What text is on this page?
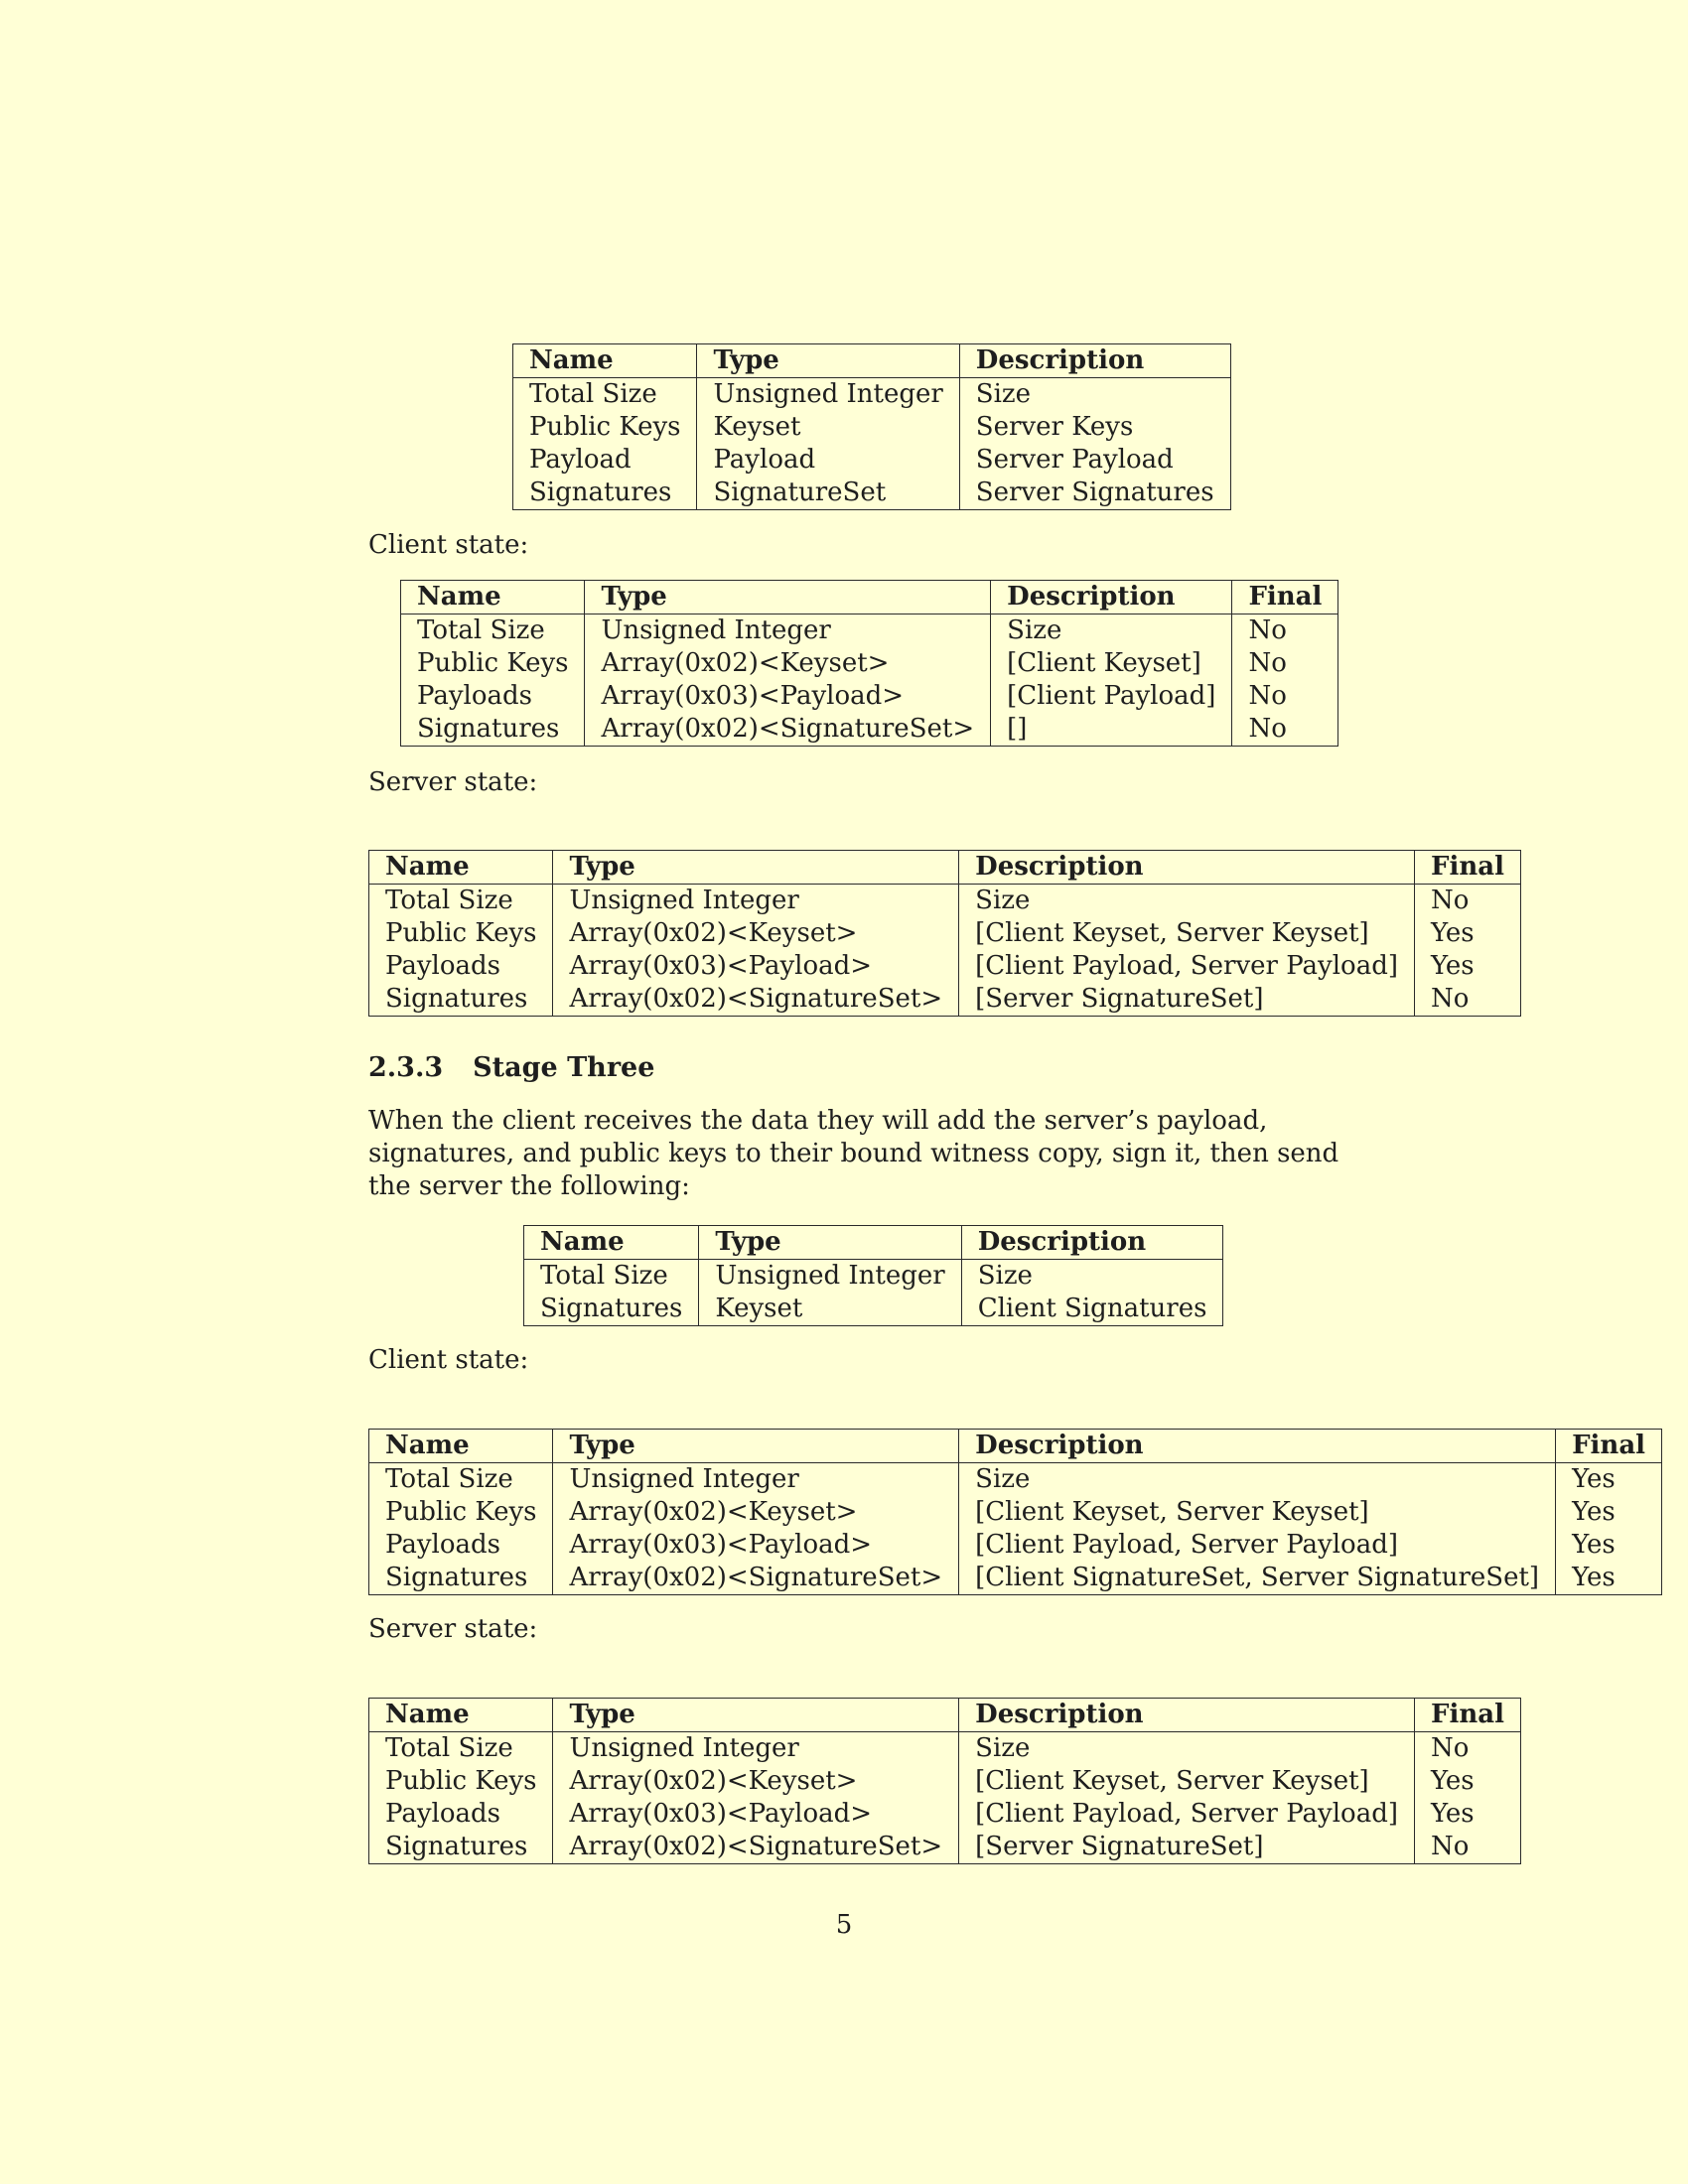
Name	Type	Description
Total Size	Unsigned Integer	Size
Public Keys	Keyset	Server Keys
Payload	Payload	Server Payload
Signatures	SignatureSet	Server Signatures
Client state:
Name	Type	Description	Final
Total Size	Unsigned Integer	Size	No
Public Keys	Array(0x02)<Keyset>	[Client Keyset]	No
Payloads	Array(0x03)<Payload>	[Client Payload]	No
Signatures	Array(0x02)<SignatureSet>	[]	No
Server state:
Name	Type	Description	Final
Total Size	Unsigned Integer	Size	No
Public Keys	Array(0x02)<Keyset>	[Client Keyset, Server Keyset]	Yes
Payloads	Array(0x03)<Payload>	[Client Payload, Server Payload]	Yes
Signatures	Array(0x02)<SignatureSet>	[Server SignatureSet]	No
2.3.3 Stage Three
When the client receives the data they will add the server’s payload, signatures, and public keys to their bound witness copy, sign it, then send the server the following:
Name	Type	Description
Total Size	Unsigned Integer	Size
Signatures	Keyset	Client Signatures
Client state:
Name	Type	Description	Final
Total Size	Unsigned Integer	Size	Yes
Public Keys	Array(0x02)<Keyset>	[Client Keyset, Server Keyset]	Yes
Payloads	Array(0x03)<Payload>	[Client Payload, Server Payload]	Yes
Signatures	Array(0x02)<SignatureSet>	[Client SignatureSet, Server SignatureSet]	Yes
Server state:
Name	Type	Description	Final
Total Size	Unsigned Integer	Size	No
Public Keys	Array(0x02)<Keyset>	[Client Keyset, Server Keyset]	Yes
Payloads	Array(0x03)<Payload>	[Client Payload, Server Payload]	Yes
Signatures	Array(0x02)<SignatureSet>	[Server SignatureSet]	No
5
